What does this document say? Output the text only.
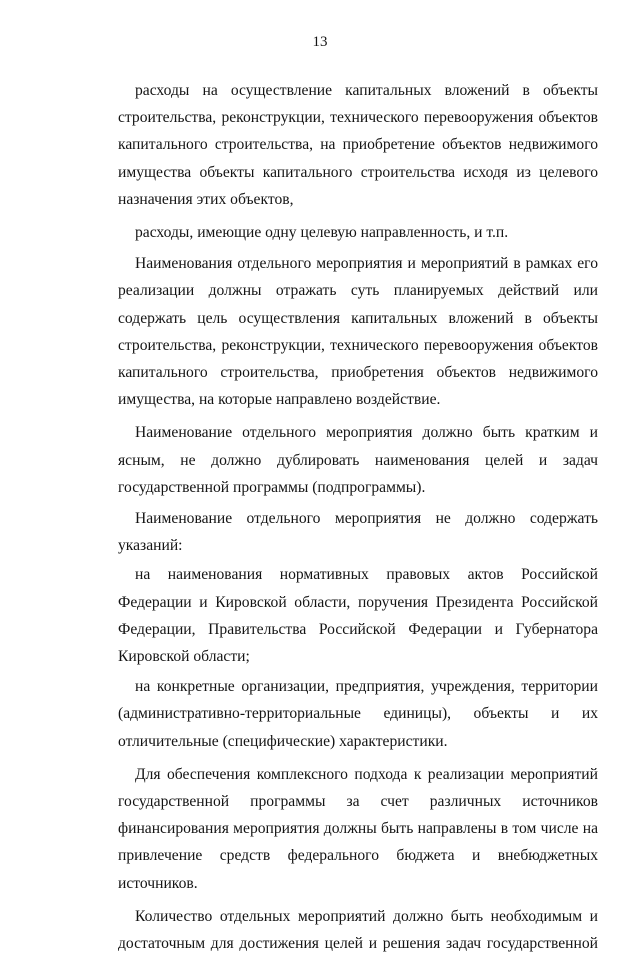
13

расходы на осуществление капитальных вложений в объекты строительства, реконструкции, технического перевооружения объектов капитального строительства, на приобретение объектов недвижимого имущества объекты капитального строительства исходя из целевого назначения этих объектов,

расходы, имеющие одну целевую направленность, и т.п.

Наименования отдельного мероприятия и мероприятий в рамках его реализации должны отражать суть планируемых действий или содержать цель осуществления капитальных вложений в объекты строительства, реконструкции, технического перевооружения объектов капитального строительства, приобретения объектов недвижимого имущества, на которые направлено воздействие.

Наименование отдельного мероприятия должно быть кратким и ясным, не должно дублировать наименования целей и задач государственной программы (подпрограммы).

Наименование отдельного мероприятия не должно содержать указаний:

на наименования нормативных правовых актов Российской Федерации и Кировской области, поручения Президента Российской Федерации, Правительства Российской Федерации и Губернатора Кировской области;

на конкретные организации, предприятия, учреждения, территории (административно-территориальные единицы), объекты и их отличительные (специфические) характеристики.

Для обеспечения комплексного подхода к реализации мероприятий государственной программы за счет различных источников финансирования мероприятия должны быть направлены в том числе на привлечение средств федерального бюджета и внебюджетных источников.

Количество отдельных мероприятий должно быть необходимым и достаточным для достижения целей и решения задач государственной
